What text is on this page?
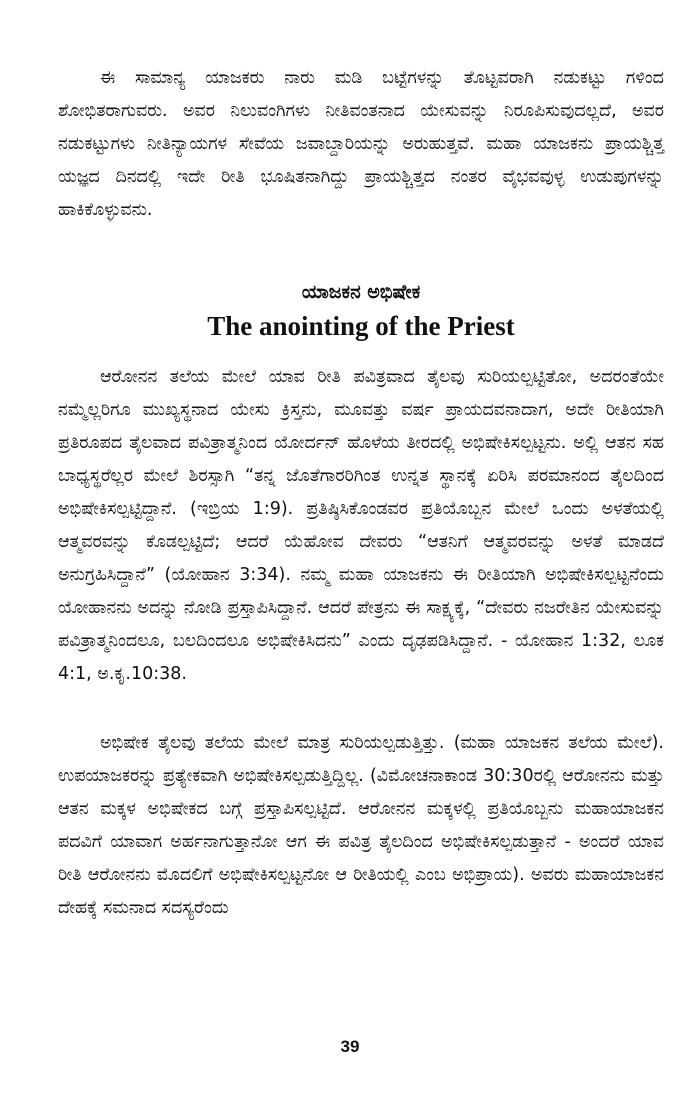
ಈ ಸಾಮಾನ್ಯ ಯಾಜಕರು ನಾರು ಮಡಿ ಬಟ್ಟೆಗಳನ್ನು ತೊಟ್ಟವರಾಗಿ ನಡುಕಟ್ಟು ಗಳಿಂದ ಶೋಭಿತರಾಗುವರು. ಅವರ ನಿಲುವಂಗಿಗಳು ನೀತಿವಂತನಾದ ಯೇಸುವನ್ನು ನಿರೂಪಿಸುವುದಲ್ಲದೆ, ಅವರ ನಡುಕಟ್ಟುಗಳು ನೀತಿನ್ಯಾಯಗಳ ಸೇವೆಯ ಜವಾಬ್ದಾರಿಯನ್ನು ಅರುಹುತ್ತವೆ. ಮಹಾ ಯಾಜಕನು ಪ್ರಾಯಶ್ಚಿತ್ತ ಯಜ್ಞದ ದಿನದಲ್ಲಿ ಇದೇ ರೀತಿ ಭೂಷಿತನಾಗಿದ್ದು ಪ್ರಾಯಶ್ಚಿತ್ತದ ನಂತರ ವೈಭವವುಳ್ಳ ಉಡುಪುಗಳನ್ನು ಹಾಕಿಕೊಳ್ಳುವನು.

ಯಾಜಕನ ಅಭಿಷೇಕ
The anointing of the Priest

ಆರೋನನ ತಲೆಯ ಮೇಲೆ ಯಾವ ರೀತಿ ಪವಿತ್ರವಾದ ತೈಲವು ಸುರಿಯಲ್ಪಟ್ಟಿತೋ, ಅದರಂತೆಯೇ ನಮ್ಮೆಲ್ಲರಿಗೂ ಮುಖ್ಯಸ್ಥನಾದ ಯೇಸು ಕ್ರಿಸ್ತನು, ಮೂವತ್ತು ವರ್ಷ ಪ್ರಾಯದವನಾದಾಗ, ಅದೇ ರೀತಿಯಾಗಿ ಪ್ರತಿರೂಪದ ತೈಲವಾದ ಪವಿತ್ರಾತ್ಮನಿಂದ ಯೋರ್ದನ್ ಹೊಳೆಯ ತೀರದಲ್ಲಿ ಅಭಿಷೇಕಿಸಲ್ಪಟ್ಟನು. ಅಲ್ಲಿ ಆತನ ಸಹ ಬಾಧ್ಯಸ್ಥರೆಲ್ಲರ ಮೇಲೆ ಶಿರಸ್ಸಾಗಿ “ತನ್ನ ಜೊತೆಗಾರರಿಗಿಂತ ಉನ್ನತ ಸ್ಥಾನಕ್ಕೆ ಏರಿಸಿ ಪರಮಾನಂದ ತೈಲದಿಂದ ಅಭಿಷೇಕಿಸಲ್ಪಟ್ಟಿದ್ದಾನೆ. (ಇಬ್ರಿಯ 1:9). ಪ್ರತಿಷ್ಠಿಸಿಕೊಂಡವರ ಪ್ರತಿಯೊಬ್ಬನ ಮೇಲೆ ಒಂದು ಅಳತೆಯಲ್ಲಿ ಆತ್ಮವರವನ್ನು ಕೊಡಲ್ಪಟ್ಟಿದೆ; ಆದರೆ ಯೆಹೋವ ದೇವರು “ಆತನಿಗೆ ಆತ್ಮವರವನ್ನು ಅಳತೆ ಮಾಡದೆ ಅನುಗ್ರಹಿಸಿದ್ದಾನೆ” (ಯೋಹಾನ 3:34). ನಮ್ಮ ಮಹಾ ಯಾಜಕನು ಈ ರೀತಿಯಾಗಿ ಅಭಿಷೇಕಿಸಲ್ಪಟ್ಟನೆಂದು ಯೋಹಾನನು ಅದನ್ನು ನೋಡಿ ಪ್ರಸ್ತಾಪಿಸಿದ್ದಾನೆ. ಆದರೆ ಪೇತ್ರನು ಈ ಸಾಕ್ಷ್ಯಕ್ಕೆ, “ದೇವರು ನಜರೇತಿನ ಯೇಸುವನ್ನು ಪವಿತ್ರಾತ್ಮನಿಂದಲೂ, ಬಲದಿಂದಲೂ ಅಭಿಷೇಕಿಸಿದನು” ಎಂದು ದೃಢಪಡಿಸಿದ್ದಾನೆ. - ಯೋಹಾನ 1:32, ಲೂಕ 4:1, ಅ.ಕೃ.10:38.

ಅಭಿಷೇಕ ತೈಲವು ತಲೆಯ ಮೇಲೆ ಮಾತ್ರ ಸುರಿಯಲ್ಪಡುತ್ತಿತ್ತು. (ಮಹಾ ಯಾಜಕನ ತಲೆಯ ಮೇಲೆ). ಉಪಯಾಜಕರನ್ನು ಪ್ರತ್ಯೇಕವಾಗಿ ಅಭಿಷೇಕಿಸಲ್ಪಡುತ್ತಿದ್ದಿಲ್ಲ. (ವಿಮೋಚನಾಕಾಂಡ 30:30ರಲ್ಲಿ ಆರೋನನು ಮತ್ತು ಆತನ ಮಕ್ಕಳ ಅಭಿಷೇಕದ ಬಗ್ಗೆ ಪ್ರಸ್ತಾಪಿಸಲ್ಪಟ್ಟಿದೆ. ಆರೋನನ ಮಕ್ಕಳಲ್ಲಿ ಪ್ರತಿಯೊಬ್ಬನು ಮಹಾಯಾಜಕನ ಪದವಿಗೆ ಯಾವಾಗ ಅರ್ಹನಾಗುತ್ತಾನೋ ಆಗ ಈ ಪವಿತ್ರ ತೈಲದಿಂದ ಅಭಿಷೇಕಿಸಲ್ಪಡುತ್ತಾನೆ - ಅಂದರೆ ಯಾವ ರೀತಿ ಆರೋನನು ಮೊದಲಿಗೆ ಅಭಿಷೇಕಿಸಲ್ಪಟ್ಟನೋ ಆ ರೀತಿಯಲ್ಲಿ ಎಂಬ ಅಭಿಪ್ರಾಯ). ಅವರು ಮಹಾಯಾಜಕನ ದೇಹಕ್ಕೆ ಸಮನಾದ ಸದಸ್ಯರೆಂದು

39
